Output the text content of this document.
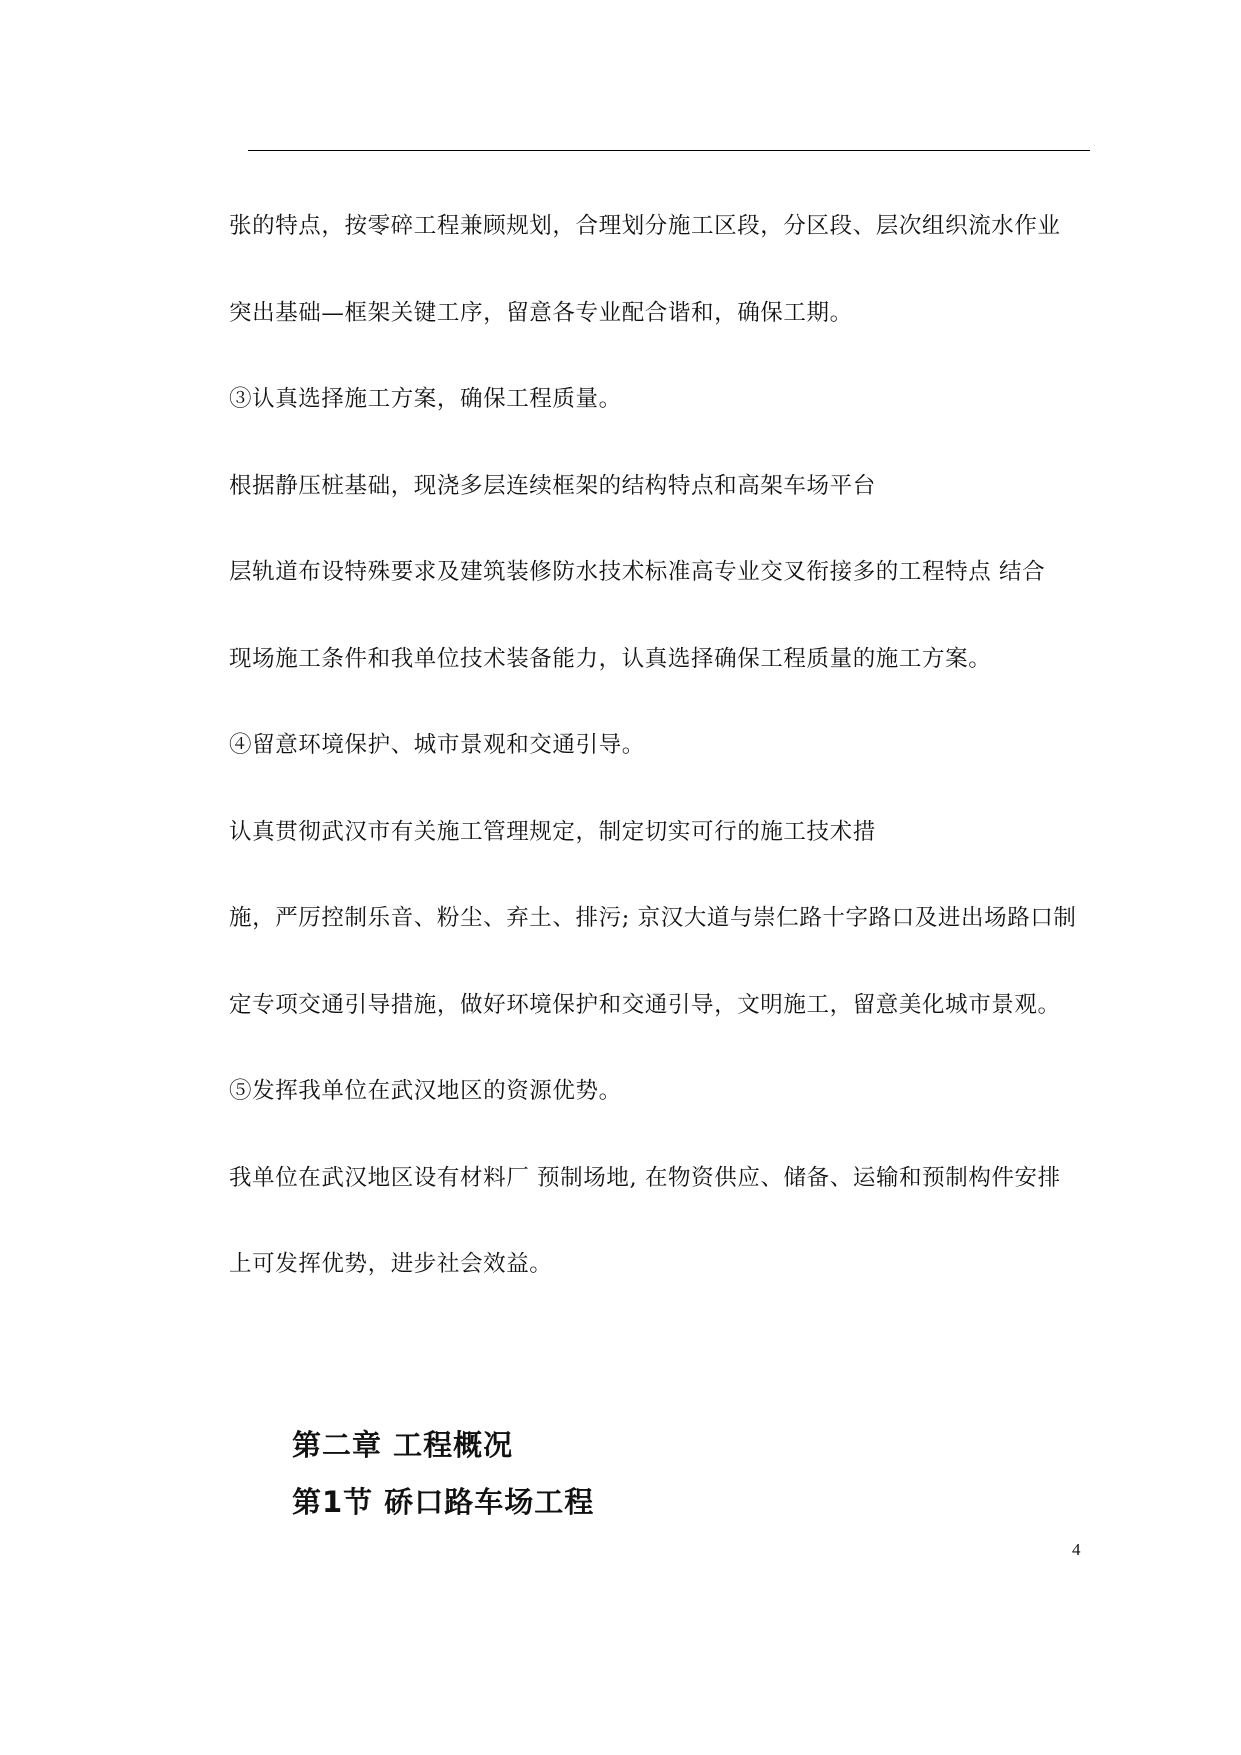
张的特点，按零碎工程兼顾规划，合理划分施工区段，分区段、层次组织流水作业
突出基础—框架关键工序，留意各专业配合谐和，确保工期。
③认真选择施工方案，确保工程质量。
根据静压桩基础，现浇多层连续框架的结构特点和高架车场平台
层轨道布设特殊要求及建筑装修防水技术标准高专业交叉衔接多的工程特点 结合
现场施工条件和我单位技术装备能力，认真选择确保工程质量的施工方案。
④留意环境保护、城市景观和交通引导。
认真贯彻武汉市有关施工管理规定，制定切实可行的施工技术措
施，严厉控制乐音、粉尘、弃土、排污; 京汉大道与崇仁路十字路口及进出场路口制
定专项交通引导措施，做好环境保护和交通引导，文明施工，留意美化城市景观。
⑤发挥我单位在武汉地区的资源优势。
我单位在武汉地区设有材料厂 预制场地, 在物资供应、储备、运输和预制构件安排
上可发挥优势，进步社会效益。
第二章 工程概况
第1节 硚口路车场工程
4
